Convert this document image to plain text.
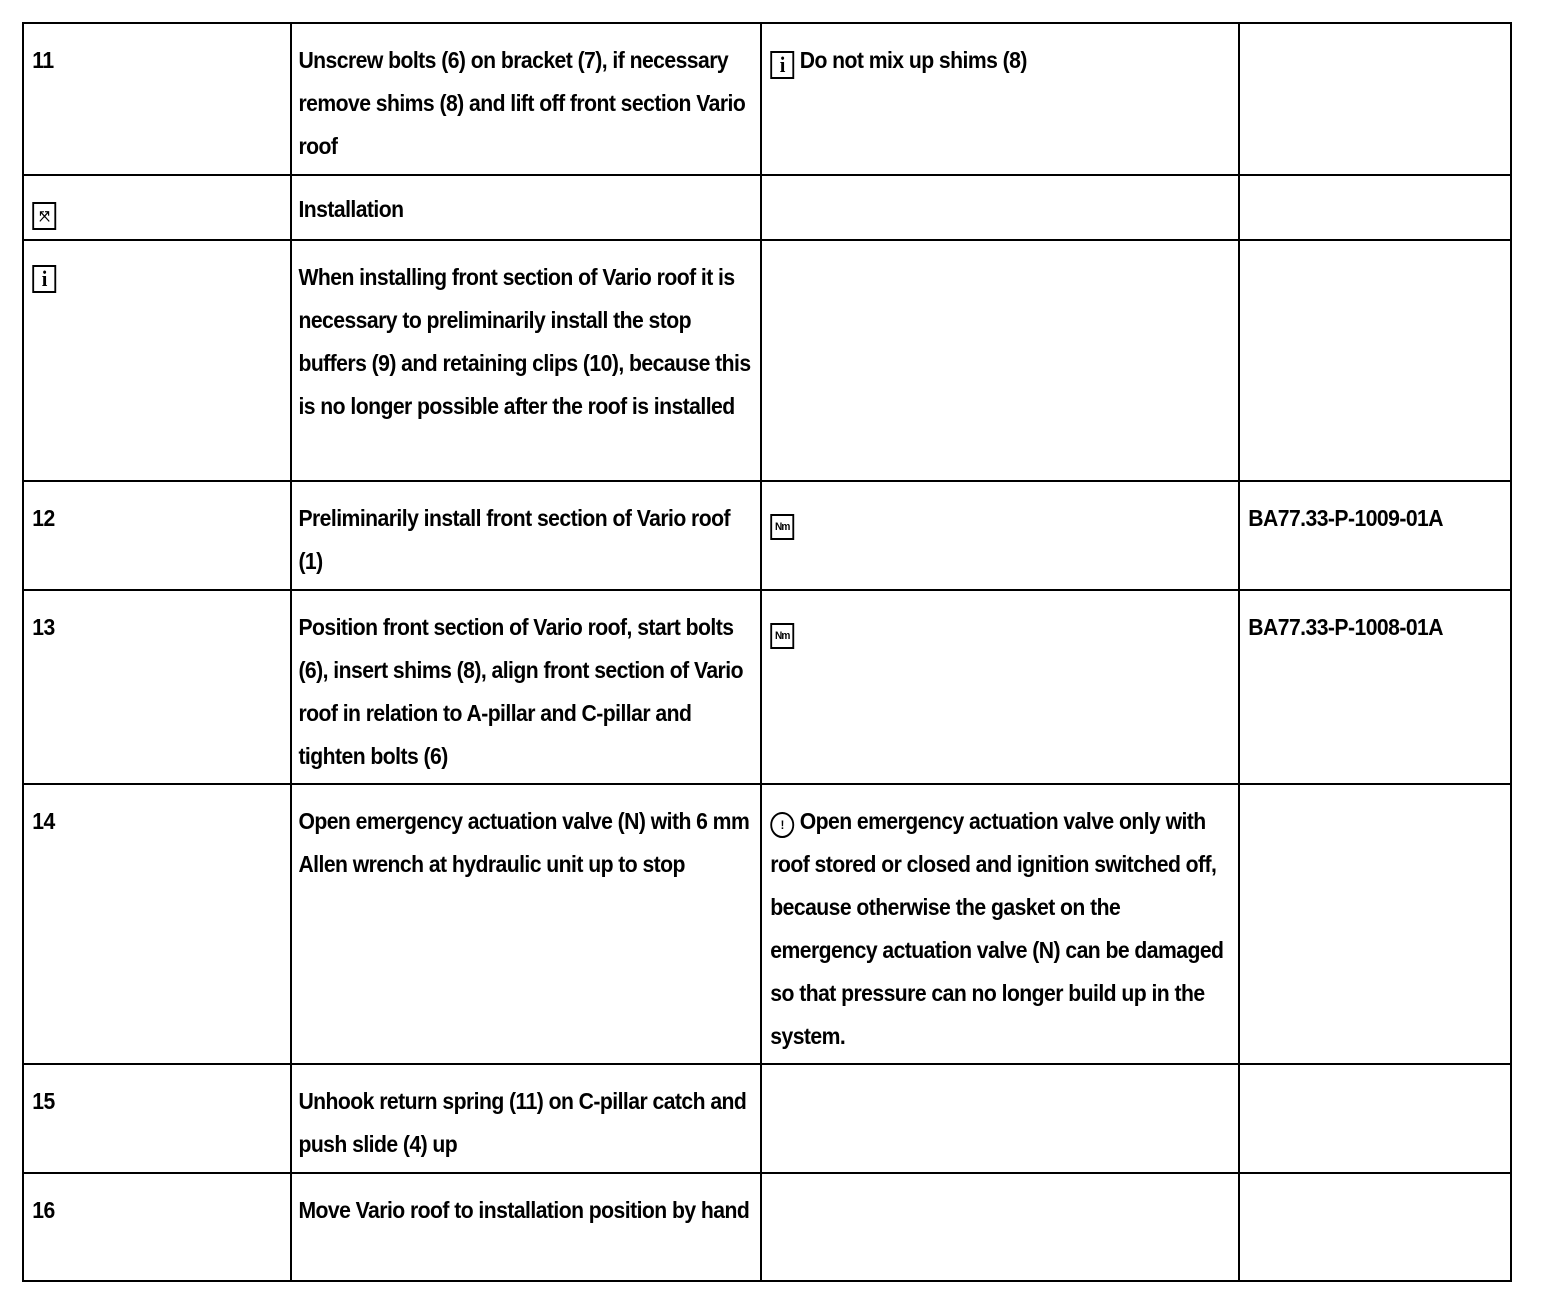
11	Unscrew bolts (6) on bracket (7), if necessary remove shims (8) and lift off front section Vario roof	i Do not mix up shims (8)	

⤧	Installation		

i	When installing front section of Vario roof it is necessary to preliminarily install the stop buffers (9) and retaining clips (10), because this is no longer possible after the roof is installed		

12	Preliminarily install front section of Vario roof (1)	Nm	BA77.33-P-1009-01A

13	Position front section of Vario roof, start bolts (6), insert shims (8), align front section of Vario roof in relation to A-pillar and C-pillar and tighten bolts (6)	Nm	BA77.33-P-1008-01A

14	Open emergency actuation valve (N) with 6 mm Allen wrench at hydraulic unit up to stop	! Open emergency actuation valve only with roof stored or closed and ignition switched off, because otherwise the gasket on the emergency actuation valve (N) can be damaged so that pressure can no longer build up in the system.	

15	Unhook return spring (11) on C-pillar catch and push slide (4) up		

16	Move Vario roof to installation position by hand		
